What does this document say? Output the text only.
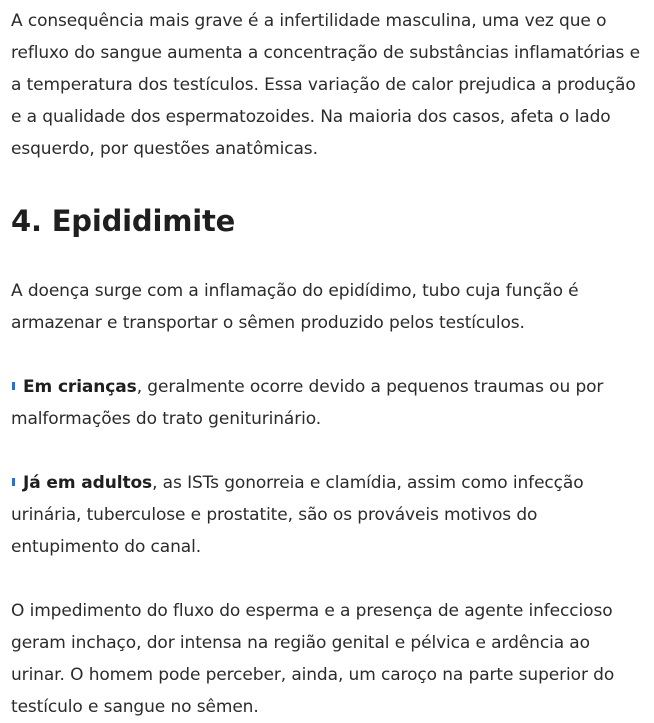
A consequência mais grave é a infertilidade masculina, uma vez que o refluxo do sangue aumenta a concentração de substâncias inflamatórias e a temperatura dos testículos. Essa variação de calor prejudica a produção e a qualidade dos espermatozoides. Na maioria dos casos, afeta o lado esquerdo, por questões anatômicas.

4. Epididimite

A doença surge com a inflamação do epidídimo, tubo cuja função é armazenar e transportar o sêmen produzido pelos testículos.

Em crianças, geralmente ocorre devido a pequenos traumas ou por malformações do trato geniturinário.

Já em adultos, as ISTs gonorreia e clamídia, assim como infecção urinária, tuberculose e prostatite, são os prováveis motivos do entupimento do canal.

O impedimento do fluxo do esperma e a presença de agente infeccioso geram inchaço, dor intensa na região genital e pélvica e ardência ao urinar. O homem pode perceber, ainda, um caroço na parte superior do testículo e sangue no sêmen.
